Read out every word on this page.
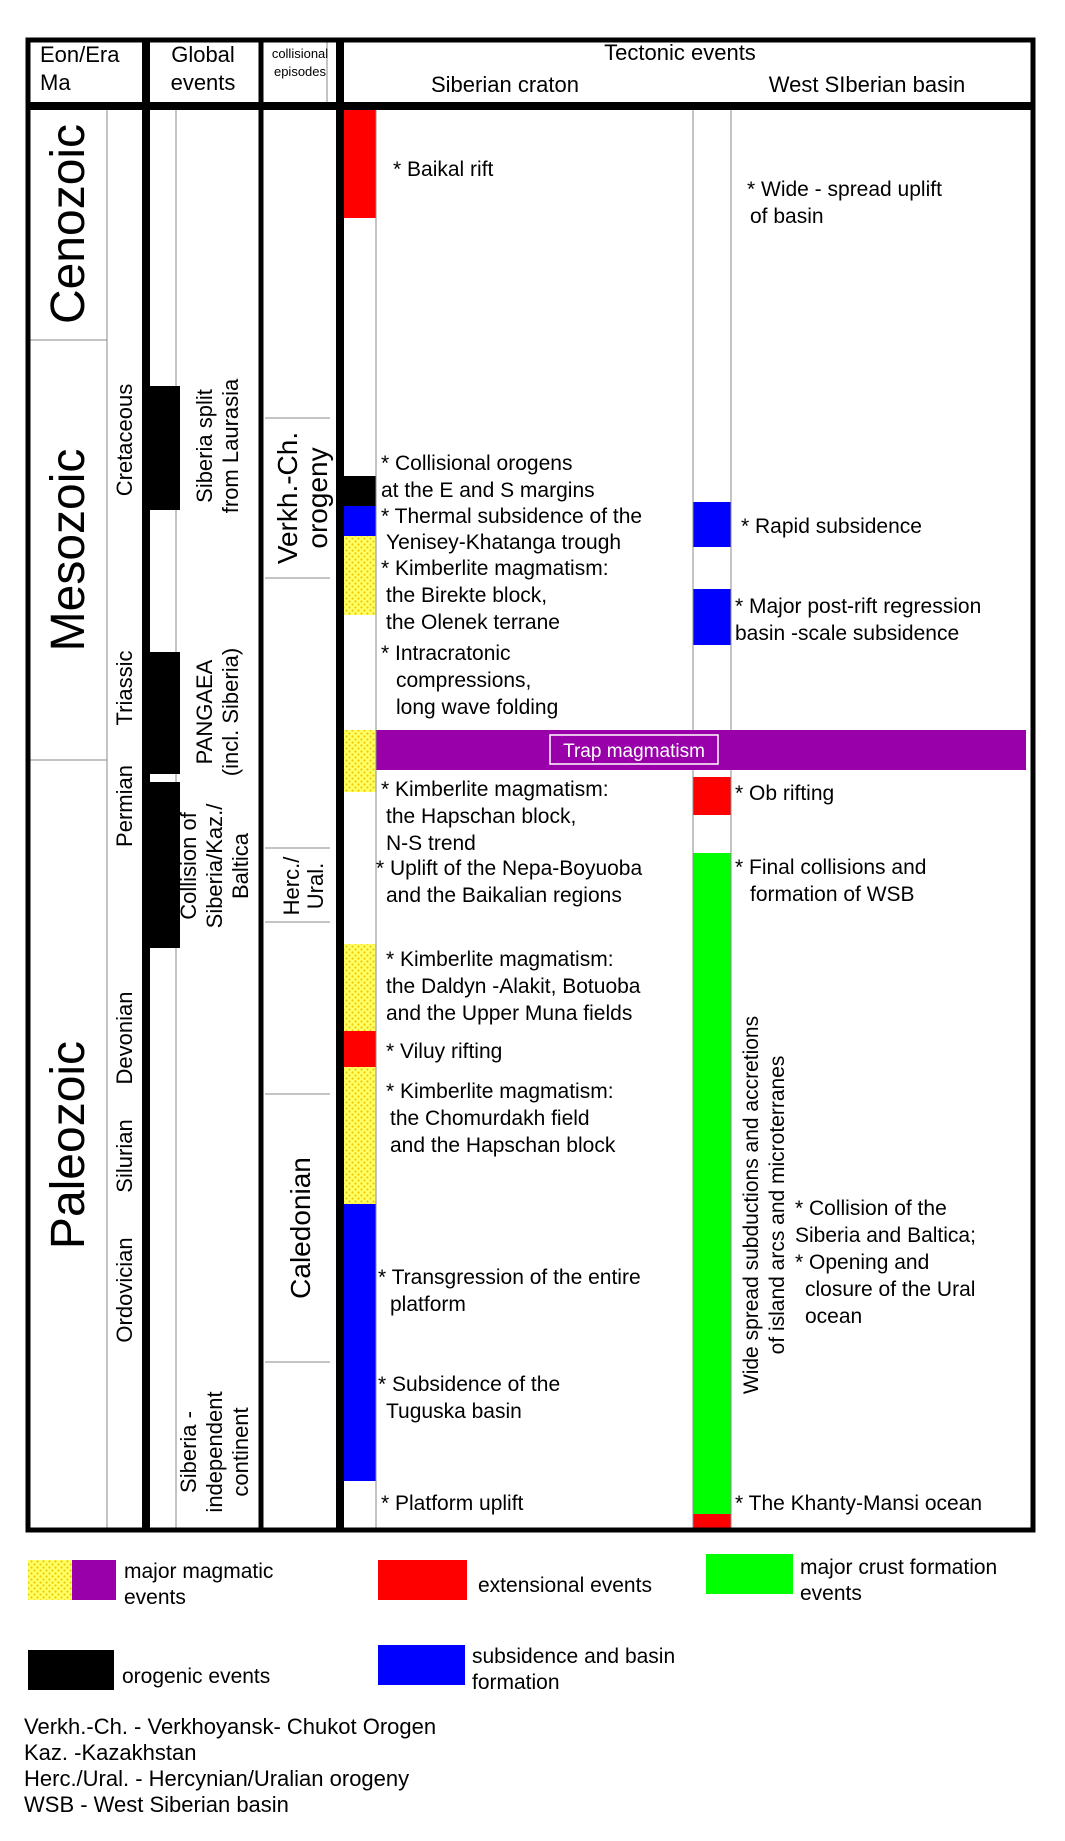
Eon/Era
Ma
Global
events
collisional
episodes
Tectonic events
Siberian craton	West SIberian basin
Cenozoic
Mesozoic
Paleozoic
Cretaceous
Triassic
Permian
Devonian
Silurian
Ordovician
Siberia split from Laurasia
PANGAEA (incl. Siberia)
Collision of Siberia/Kaz./ Baltica
Siberia - independent continent
Verkh.-Ch. orogeny
Herc./ Ural.
Caledonian
* Baikal rift
* Collisional orogens
at the E and S margins
* Thermal subsidence of the
Yenisey-Khatanga trough
* Kimberlite magmatism:
the Birekte block,
the Olenek terrane
* Intracratonic
compressions,
long wave folding
* Kimberlite magmatism:
the Hapschan block,
N-S trend
* Uplift of the Nepa-Boyuoba
and the Baikalian regions
* Kimberlite magmatism:
the Daldyn -Alakit, Botuoba
and the Upper Muna fields
* Viluy rifting
* Kimberlite magmatism:
the Chomurdakh field
and the Hapschan block
* Transgression of the entire
platform
* Subsidence of the
Tuguska basin
* Platform uplift
Trap magmatism
* Wide - spread uplift
of basin
* Rapid subsidence
* Major post-rift regression
basin -scale subsidence
* Ob rifting
* Final collisions and
formation of WSB
* Collision of the
Siberia and Baltica;
* Opening and
closure of the Ural
ocean
* The Khanty-Mansi ocean
Wide spread subductions and accretions of island arcs and microterranes
major magmatic
events
extensional events
major crust formation
events
orogenic events
subsidence and basin
formation
Verkh.-Ch. - Verkhoyansk- Chukot Orogen
Kaz. -Kazakhstan
Herc./Ural. - Hercynian/Uralian orogeny
WSB - West Siberian basin
